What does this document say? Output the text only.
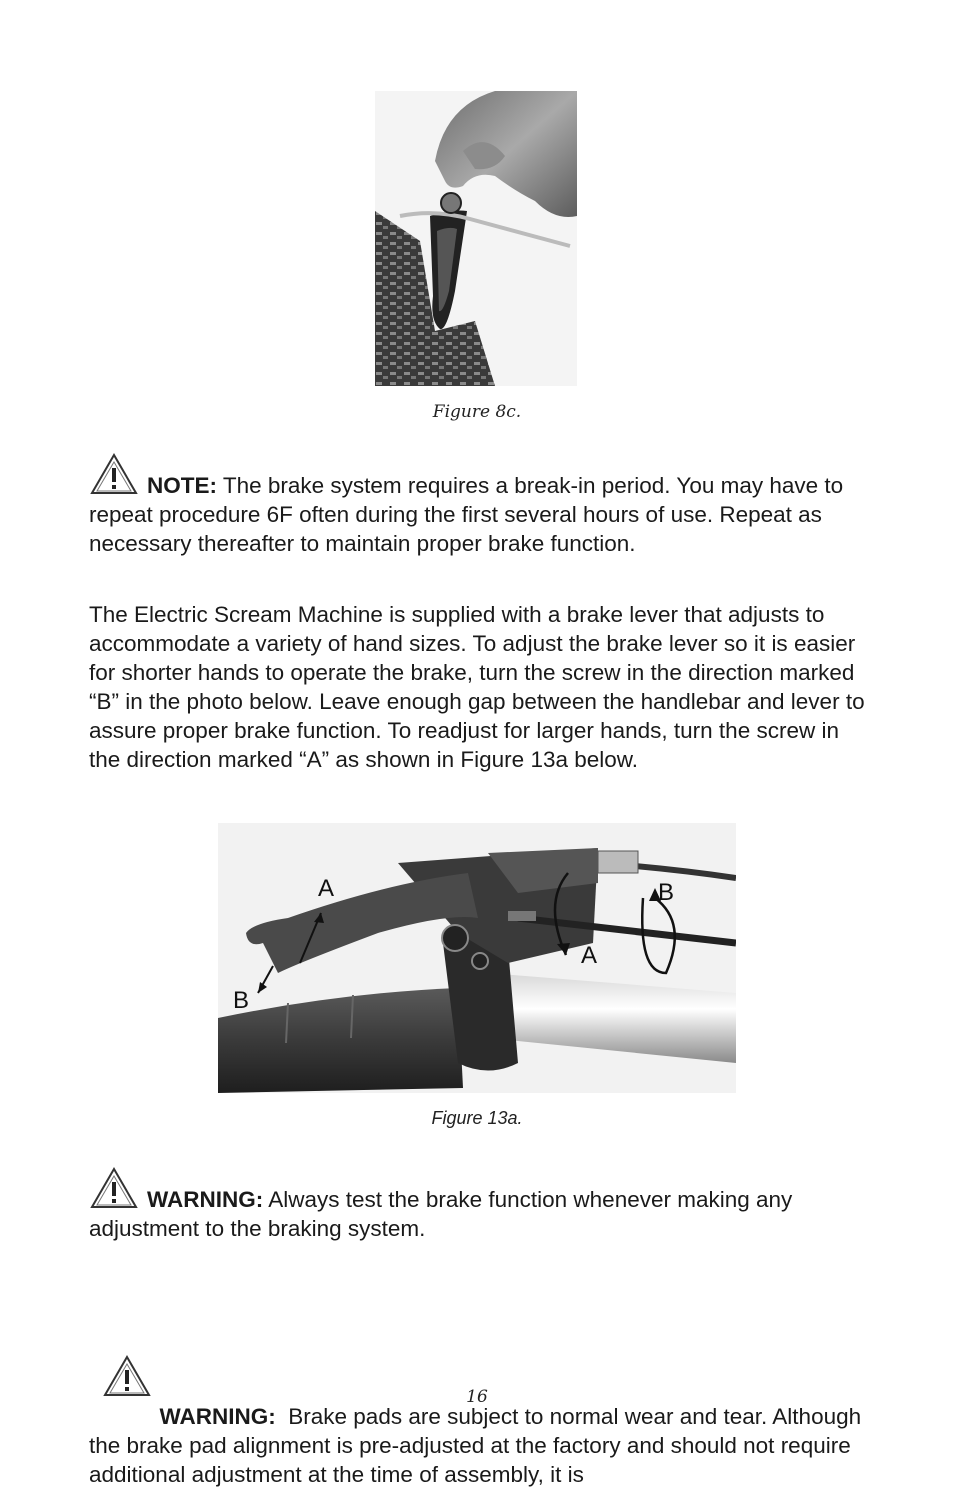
Figure 8c.
NOTE: The brake system requires a break-in period. You may have to repeat procedure 6F often during the first several hours of use. Repeat as necessary thereafter to maintain proper brake function.
The Electric Scream Machine is supplied with a brake lever that adjusts to accommodate a variety of hand sizes. To adjust the brake lever so it is easier for shorter hands to operate the brake, turn the screw in the direction marked “B” in the photo below. Leave enough gap between the handlebar and lever to assure proper brake function. To readjust for larger hands, turn the screw in the direction marked “A” as shown in Figure 13a below.
A
B
A
B
Figure 13a.
WARNING: Always test the brake function whenever making any adjustment to the braking system.

WARNING:  Brake pads are subject to normal wear and tear. Although the brake pad alignment is pre-adjusted at the factory and should not require additional adjustment at the time of assembly, it is

16
